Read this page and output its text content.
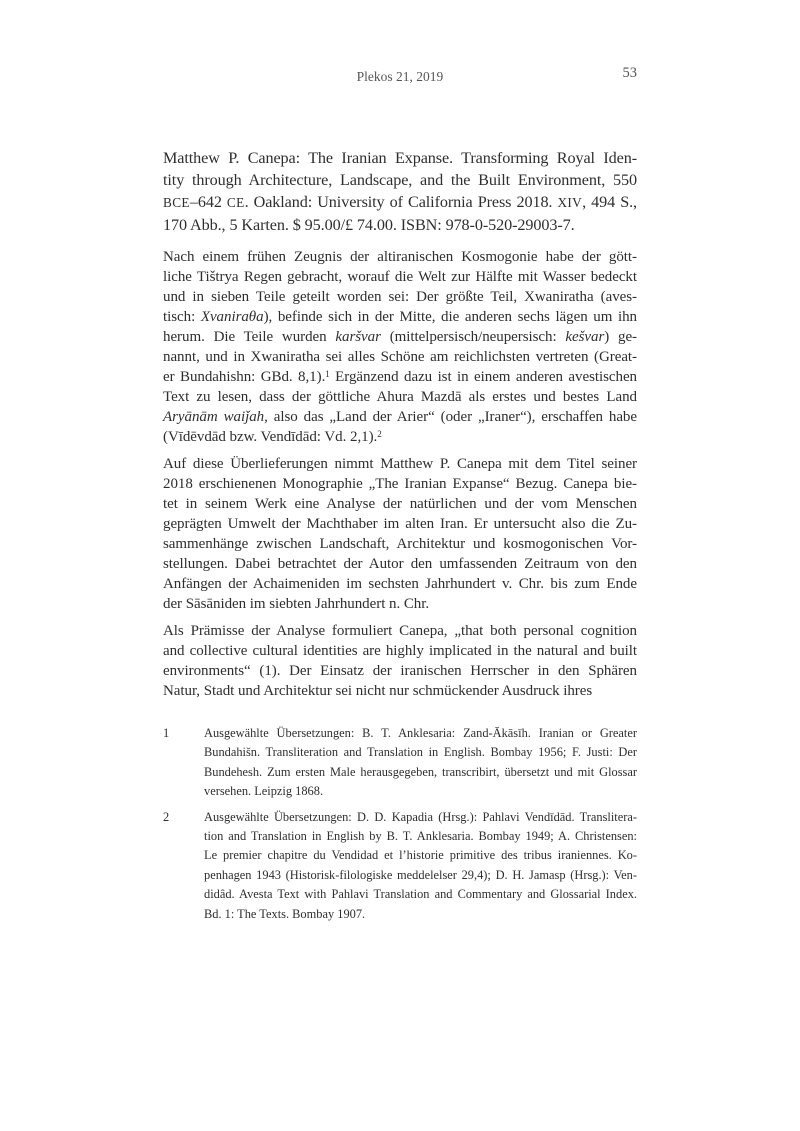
Plekos 21, 2019	53
Matthew P. Canepa: The Iranian Expanse. Transforming Royal Iden-
tity through Architecture, Landscape, and the Built Environment, 550
BCE–642 CE. Oakland: University of California Press 2018. XIV, 494 S.,
170 Abb., 5 Karten. $ 95.00/£ 74.00. ISBN: 978-0-520-29003-7.
Nach einem frühen Zeugnis der altiranischen Kosmogonie habe der gött-
liche Tištrya Regen gebracht, worauf die Welt zur Hälfte mit Wasser bedeckt
und in sieben Teile geteilt worden sei: Der größte Teil, Xwaniratha (aves-
tisch: Xvaniraθa), befinde sich in der Mitte, die anderen sechs lägen um ihn
herum. Die Teile wurden karšvar (mittelpersisch/neupersisch: kešvar) ge-
nannt, und in Xwaniratha sei alles Schöne am reichlichsten vertreten (Great-
er Bundahishn: GBd. 8,1).$^1$ Ergänzend dazu ist in einem anderen avestischen
Text zu lesen, dass der göttliche Ahura Mazdā als erstes und bestes Land
Aryānām waiǰah, also das „Land der Arier“ (oder „Iraner“), erschaffen habe
(Vīdēvdād bzw. Vendīdād: Vd. 2,1).$^2$
Auf diese Überlieferungen nimmt Matthew P. Canepa mit dem Titel seiner
2018 erschienenen Monographie „The Iranian Expanse“ Bezug. Canepa bie-
tet in seinem Werk eine Analyse der natürlichen und der vom Menschen
geprägten Umwelt der Machthaber im alten Iran. Er untersucht also die Zu-
sammenhänge zwischen Landschaft, Architektur und kosmogonischen Vor-
stellungen. Dabei betrachtet der Autor den umfassenden Zeitraum von den
Anfängen der Achaimeniden im sechsten Jahrhundert v. Chr. bis zum Ende
der Sāsāniden im siebten Jahrhundert n. Chr.
Als Prämisse der Analyse formuliert Canepa, „that both personal cognition
and collective cultural identities are highly implicated in the natural and built
environments“ (1). Der Einsatz der iranischen Herrscher in den Sphären
Natur, Stadt und Architektur sei nicht nur schmückender Ausdruck ihres
1	Ausgewählte Übersetzungen: B. T. Anklesaria: Zand-Ākāsīh. Iranian or Greater
Bundahišn. Transliteration and Translation in English. Bombay 1956; F. Justi: Der
Bundehesh. Zum ersten Male herausgegeben, transcribirt, übersetzt und mit Glossar
versehen. Leipzig 1868.
2	Ausgewählte Übersetzungen: D. D. Kapadia (Hrsg.): Pahlavi Vendīdād. Translitera-
tion and Translation in English by B. T. Anklesaria. Bombay 1949; A. Christensen:
Le premier chapitre du Vendidad et l’historie primitive des tribus iraniennes. Ko-
penhagen 1943 (Historisk-filologiske meddelelser 29,4); D. H. Jamasp (Hrsg.): Ven-
didâd. Avesta Text with Pahlavi Translation and Commentary and Glossarial Index.
Bd. 1: The Texts. Bombay 1907.
